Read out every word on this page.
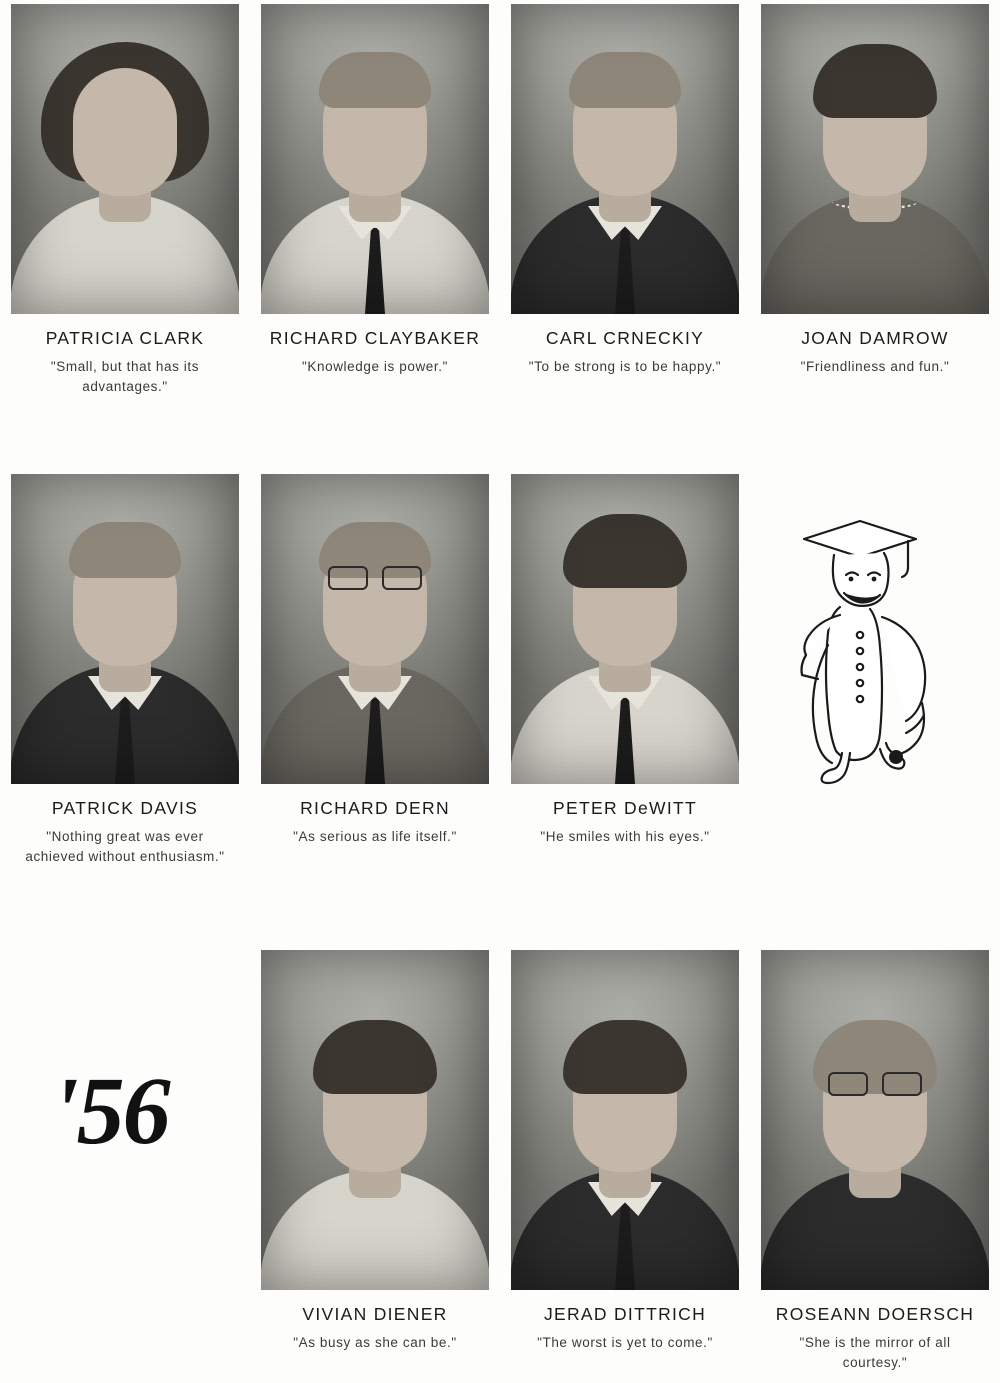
PATRICIA CLARK
"Small, but that has its advantages."
RICHARD CLAYBAKER
"Knowledge is power."
CARL CRNECKIY
"To be strong is to be happy."
JOAN DAMROW
"Friendliness and fun."
PATRICK DAVIS
"Nothing great was ever achieved without enthusiasm."
RICHARD DERN
"As serious as life itself."
PETER DeWITT
"He smiles with his eyes."
VIVIAN DIENER
"As busy as she can be."
JERAD DITTRICH
"The worst is yet to come."
ROSEANN DOERSCH
"She is the mirror of all courtesy."
'56
